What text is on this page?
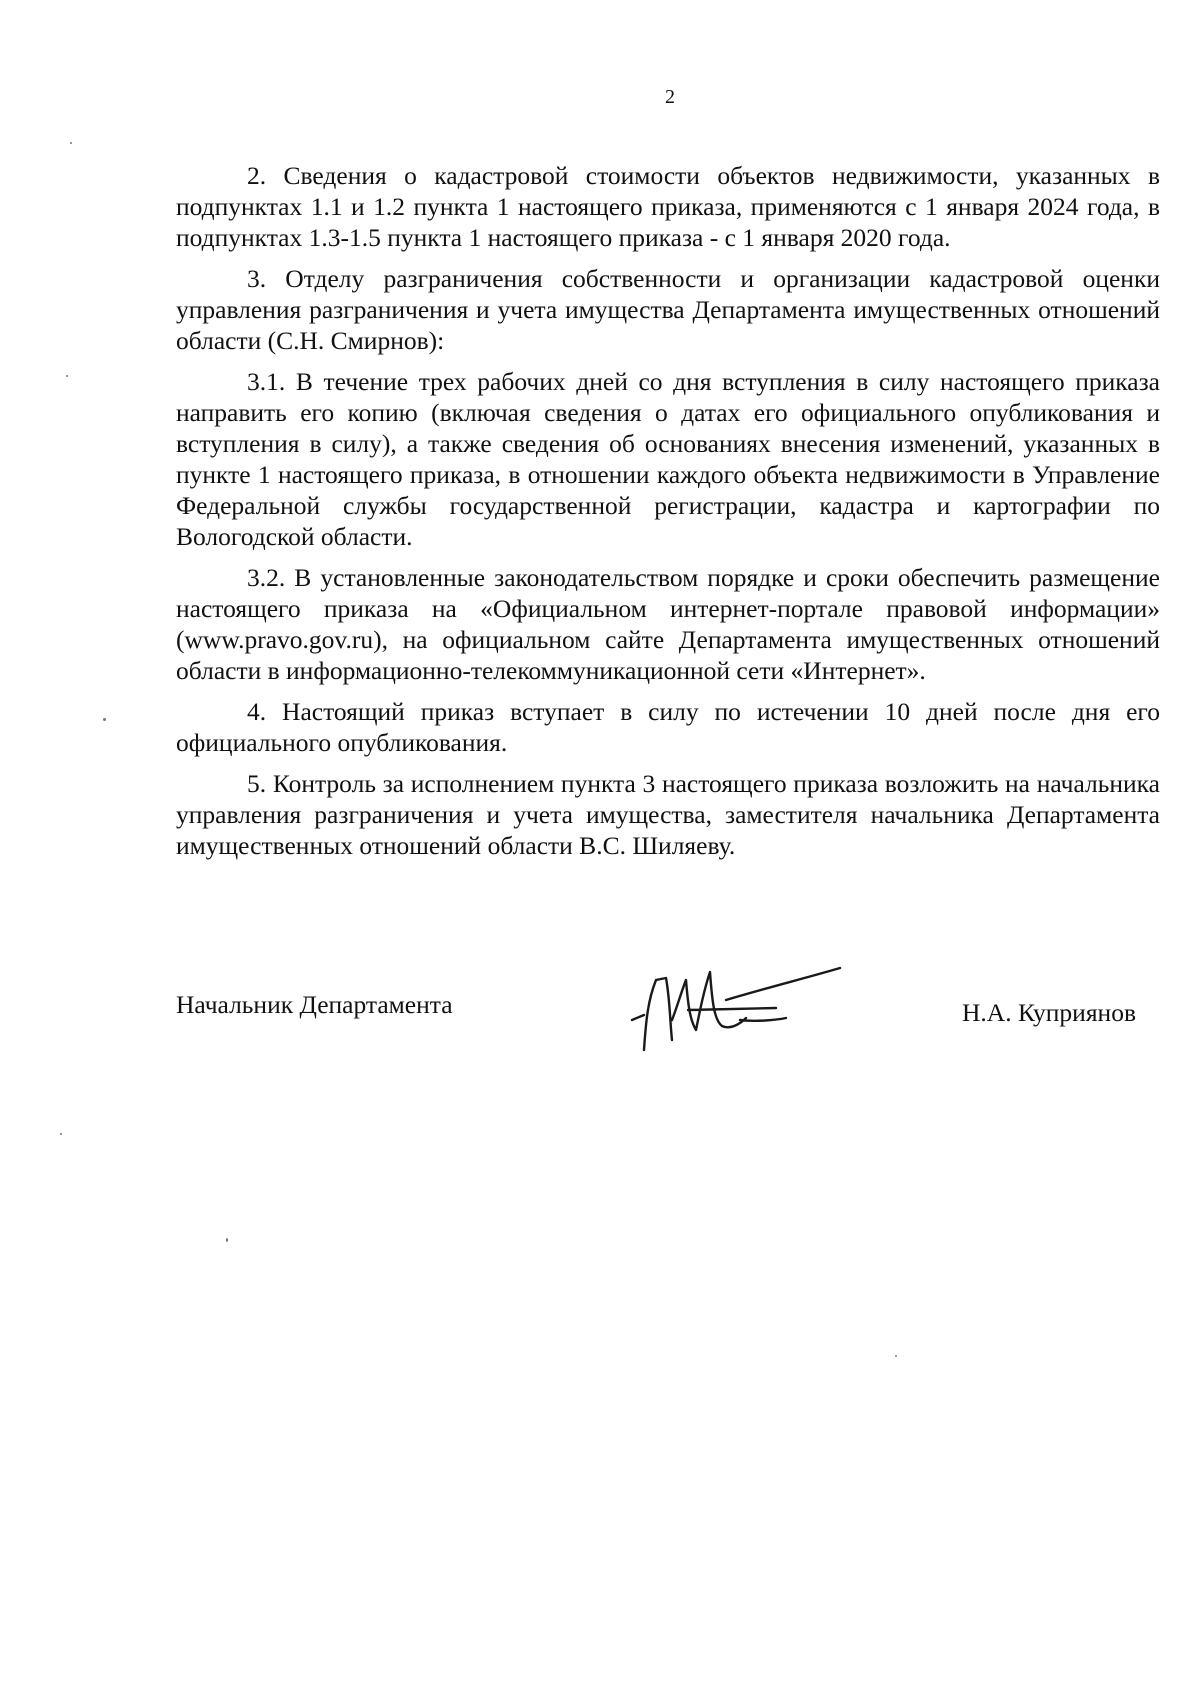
2

2. Сведения о кадастровой стоимости объектов недвижимости, указанных в подпунктах 1.1 и 1.2 пункта 1 настоящего приказа, применяются с 1 января 2024 года, в подпунктах 1.3-1.5 пункта 1 настоящего приказа - с 1 января 2020 года.

3. Отделу разграничения собственности и организации кадастровой оценки управления разграничения и учета имущества Департамента имущественных отношений области (С.Н. Смирнов):

3.1. В течение трех рабочих дней со дня вступления в силу настоящего приказа направить его копию (включая сведения о датах его официального опубликования и вступления в силу), а также сведения об основаниях внесения изменений, указанных в пункте 1 настоящего приказа, в отношении каждого объекта недвижимости в Управление Федеральной службы государственной регистрации, кадастра и картографии по Вологодской области.

3.2. В установленные законодательством порядке и сроки обеспечить размещение настоящего приказа на «Официальном интернет-портале правовой информации» (www.pravo.gov.ru), на официальном сайте Департамента имущественных отношений области в информационно-телекоммуникационной сети «Интернет».

4. Настоящий приказ вступает в силу по истечении 10 дней после дня его официального опубликования.

5. Контроль за исполнением пункта 3 настоящего приказа возложить на начальника управления разграничения и учета имущества, заместителя начальника Департамента имущественных отношений области В.С. Шиляеву.

Начальник Департамента	Н.А. Куприянов
